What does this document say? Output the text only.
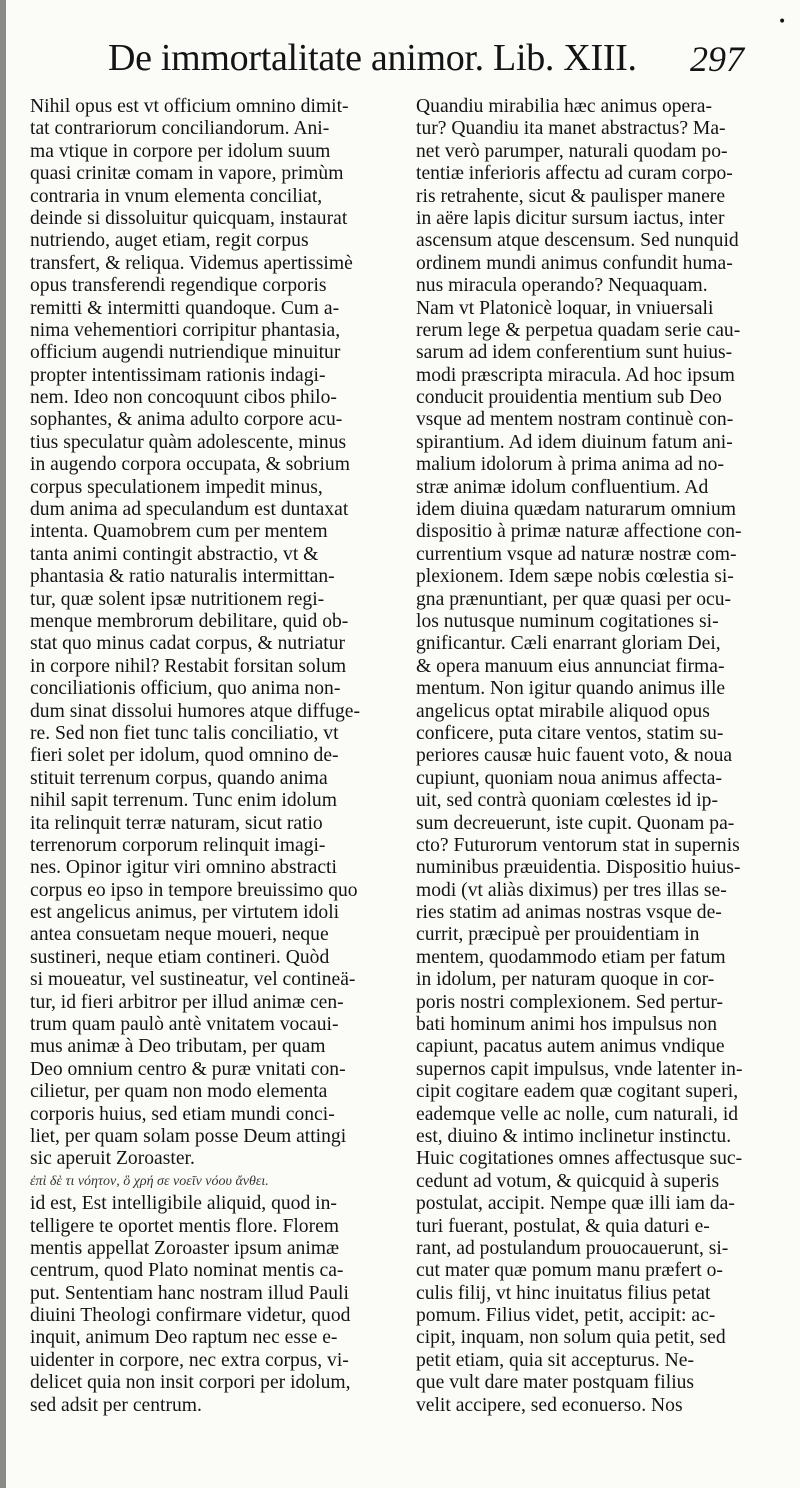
•
De immortalitate animor. Lib. XIII. 297
Nihil opus est vt officium omnino dimit-
tat contrariorum conciliandorum. Ani-
ma vtique in corpore per idolum suum
quasi crinitæ comam in vapore, primùm
contraria in vnum elementa conciliat,
deinde si dissoluitur quicquam, instaurat
nutriendo, auget etiam, regit corpus
transfert, & reliqua. Videmus apertissimè
opus transferendi regendique corporis
remitti & intermitti quandoque. Cum a-
nima vehementiori corripitur phantasia,
officium augendi nutriendique minuitur
propter intentissimam rationis indagi-
nem. Ideo non concoquunt cibos philo-
sophantes, & anima adulto corpore acu-
tius speculatur quàm adolescente, minus
in augendo corpora occupata, & sobrium
corpus speculationem impedit minus,
dum anima ad speculandum est duntaxat
intenta. Quamobrem cum per mentem
tanta animi contingit abstractio, vt &
phantasia & ratio naturalis intermittan-
tur, quæ solent ipsæ nutritionem regi-
menque membrorum debilitare, quid ob-
stat quo minus cadat corpus, & nutriatur
in corpore nihil? Restabit forsitan solum
conciliationis officium, quo anima non-
dum sinat dissolui humores atque diffuge-
re. Sed non fiet tunc talis conciliatio, vt
fieri solet per idolum, quod omnino de-
stituit terrenum corpus, quando anima
nihil sapit terrenum. Tunc enim idolum
ita relinquit terræ naturam, sicut ratio
terrenorum corporum relinquit imagi-
nes. Opinor igitur viri omnino abstracti
corpus eo ipso in tempore breuissimo quo
est angelicus animus, per virtutem idoli
antea consuetam neque moueri, neque
sustineri, neque etiam contineri. Quòd
si moueatur, vel sustineatur, vel contineä-
tur, id fieri arbitror per illud animæ cen-
trum quam paulò antè vnitatem vocaui-
mus animæ à Deo tributam, per quam
Deo omnium centro & puræ vnitati con-
cilietur, per quam non modo elementa
corporis huius, sed etiam mundi conci-
liet, per quam solam posse Deum attingi
sic aperuit Zoroaster.
ἐπὶ δὲ τι νόητον, ὃ χρή σε νοεῖν νόου ἄνθει.
id est, Est intelligibile aliquid, quod in-
telligere te oportet mentis flore. Florem
mentis appellat Zoroaster ipsum animæ
centrum, quod Plato nominat mentis ca-
put. Sententiam hanc nostram illud Pauli
diuini Theologi confirmare videtur, quod
inquit, animum Deo raptum nec esse e-
uidenter in corpore, nec extra corpus, vi-
delicet quia non insit corpori per idolum,
sed adsit per centrum.
Quandiu mirabilia hæc animus opera-
tur? Quandiu ita manet abstractus? Ma-
net verò parumper, naturali quodam po-
tentiæ inferioris affectu ad curam corpo-
ris retrahente, sicut & paulisper manere
in aëre lapis dicitur sursum iactus, inter
ascensum atque descensum. Sed nunquid
ordinem mundi animus confundit huma-
nus miracula operando? Nequaquam.
Nam vt Platonicè loquar, in vniuersali
rerum lege & perpetua quadam serie cau-
sarum ad idem conferentium sunt huius-
modi præscripta miracula. Ad hoc ipsum
conducit prouidentia mentium sub Deo
vsque ad mentem nostram continuè con-
spirantium. Ad idem diuinum fatum ani-
malium idolorum à prima anima ad no-
stræ animæ idolum confluentium. Ad
idem diuina quædam naturarum omnium
dispositio à primæ naturæ affectione con-
currentium vsque ad naturæ nostræ com-
plexionem. Idem sæpe nobis cœlestia si-
gna prænuntiant, per quæ quasi per ocu-
los nutusque numinum cogitationes si-
gnificantur. Cæli enarrant gloriam Dei,
& opera manuum eius annunciat firma-
mentum. Non igitur quando animus ille
angelicus optat mirabile aliquod opus
conficere, puta citare ventos, statim su-
periores causæ huic fauent voto, & noua
cupiunt, quoniam noua animus affecta-
uit, sed contrà quoniam cœlestes id ip-
sum decreuerunt, iste cupit. Quonam pa-
cto? Futurorum ventorum stat in supernis
numinibus præuidentia. Dispositio huius-
modi (vt aliàs diximus) per tres illas se-
ries statim ad animas nostras vsque de-
currit, præcipuè per prouidentiam in
mentem, quodammodo etiam per fatum
in idolum, per naturam quoque in cor-
poris nostri complexionem. Sed pertur-
bati hominum animi hos impulsus non
capiunt, pacatus autem animus vndique
supernos capit impulsus, vnde latenter in-
cipit cogitare eadem quæ cogitant superi,
eademque velle ac nolle, cum naturali, id
est, diuino & intimo inclinetur instinctu.
Huic cogitationes omnes affectusque suc-
cedunt ad votum, & quicquid à superis
postulat, accipit. Nempe quæ illi iam da-
turi fuerant, postulat, & quia daturi e-
rant, ad postulandum prouocauerunt, si-
cut mater quæ pomum manu præfert o-
culis filij, vt hinc inuitatus filius petat
pomum. Filius videt, petit, accipit: ac-
cipit, inquam, non solum quia petit, sed
petit etiam, quia sit accepturus. Ne-
que vult dare mater postquam filius
velit accipere, sed econuerso. Nos
